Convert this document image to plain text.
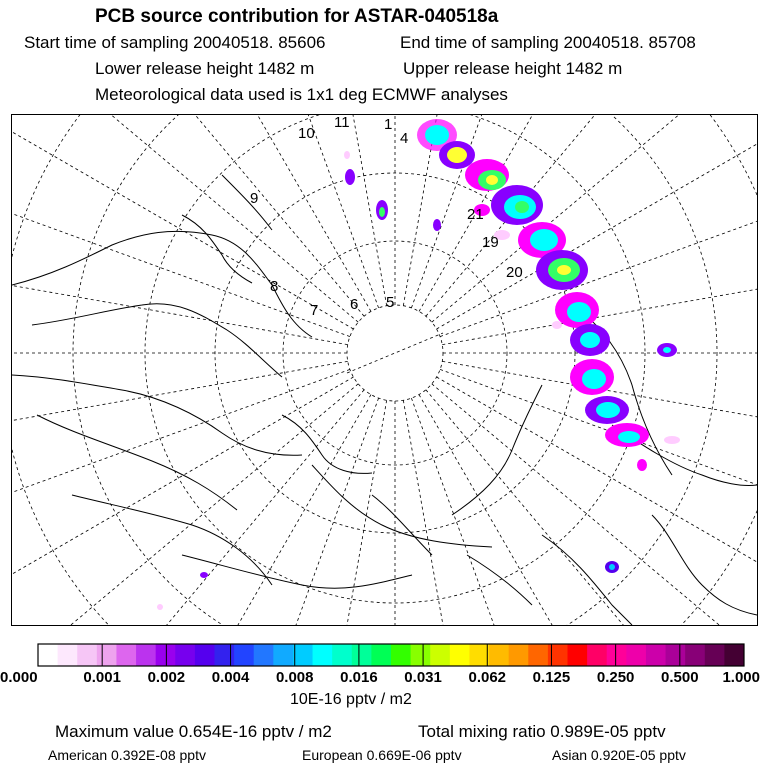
PCB source contribution for ASTAR-040518a
Start time of sampling 20040518. 85606	End time of sampling 20040518. 85708
Lower release height 1482 m	Upper release height 1482 m
Meteorological data used is 1x1 deg ECMWF analyses
10
11 1
9
8
7 6 5
4
20
19
21
0.000	0.001 0.002 0.004 0.008 0.016 0.031 0.062 0.125 0.250 0.500 1.000
10E-16 pptv / m2
Maximum value 0.654E-16 pptv / m2	Total mixing ratio 0.989E-05 pptv
American 0.392E-08 pptv	European 0.669E-06 pptv	Asian 0.920E-05 pptv
